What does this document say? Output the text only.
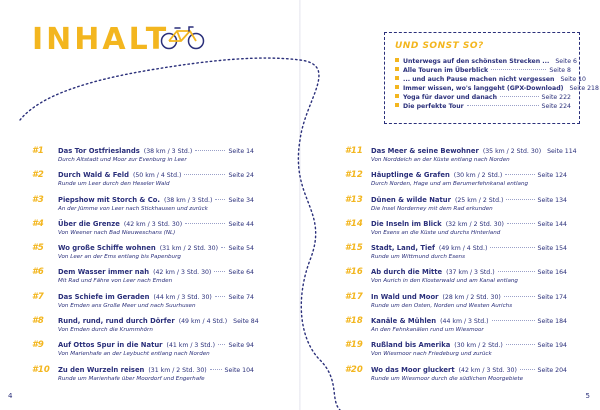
INHALT	UND SONST SO?
Unterwegs auf den schönsten Strecken ... Seite 6
Alle Touren im Überblick	Seite 8
... und auch Pause machen nicht vergessen Seite 10
Immer wissen, wo's langgeht (GPX-Download) Seite 218
Yoga für davor und danach	Seite 222
Die perfekte Tour	Seite 224
#1 Das Tor Ostfrieslands (38 km / 3 Std.)	Seite 14
Durch Altstadt und Moor zur Evenburg in Leer
#2 Durch Wald & Feld (50 km / 4 Std.)	Seite 24
Runde um Leer durch den Heseler Wald
#3 Piepshow mit Storch & Co. (38 km / 3 Std.)	Seite 34
An der Jümme von Leer nach Stickhausen und zurück
#4 Über die Grenze (42 km / 3 Std. 30)	Seite 44
Von Weener nach Bad Nieuweschans (NL)
#5 Wo große Schiffe wohnen (31 km / 2 Std. 30) Seite 54
Von Leer an der Ems entlang bis Papenburg
#6 Dem Wasser immer nah (42 km / 3 Std. 30)	Seite 64
Mit Rad und Fähre von Leer nach Emden
#7 Das Schiefe im Geraden (44 km / 3 Std. 30)	Seite 74
Von Emden ans Große Meer und nach Suurhusen
#8 Rund, rund, rund durch Dörfer (49 km / 4 Std.) Seite 84
Von Emden durch die Krummhörn
#9 Auf Ottos Spur in die Natur (41 km / 3 Std.) Seite 94
Von Marienhafe an der Leybucht entlang nach Norden
#10 Zu den Wurzeln reisen (31 km / 2 Std. 30)	Seite 104
Runde um Marienhafe über Moordorf und Engerhafe
#11 Das Meer & seine Bewohner (35 km / 2 Std. 30) Seite 114
Von Norddeich an der Küste entlang nach Norden
#12 Häuptlinge & Grafen (30 km / 2 Std.)	Seite 124
Durch Norden, Hage und am Berumerfehnkanal entlang
#13 Dünen & wilde Natur (25 km / 2 Std.)	Seite 134
Die Insel Norderney mit dem Rad erkunden
#14 Die Inseln im Blick (32 km / 2 Std. 30)	Seite 144
Von Esens an die Küste und durchs Hinterland
#15 Stadt, Land, Tief (49 km / 4 Std.)	Seite 154
Runde um Wittmund durch Esens
#16 Ab durch die Mitte (37 km / 3 Std.)	Seite 164
Von Aurich in den Klosterwald und am Kanal entlang
#17 In Wald und Moor (28 km / 2 Std. 30)	Seite 174
Runde um den Osten, Norden und Westen Aurichs
#18 Kanäle & Mühlen (44 km / 3 Std.)	Seite 184
An den Fehnkanälen rund um Wiesmoor
#19 Rußland bis Amerika (30 km / 2 Std.)	Seite 194
Von Wiesmoor nach Friedeburg und zurück
#20 Wo das Moor gluckert (42 km / 3 Std. 30)	Seite 204
Runde um Wiesmoor durch die südlichen Moorgebiete
4	5
